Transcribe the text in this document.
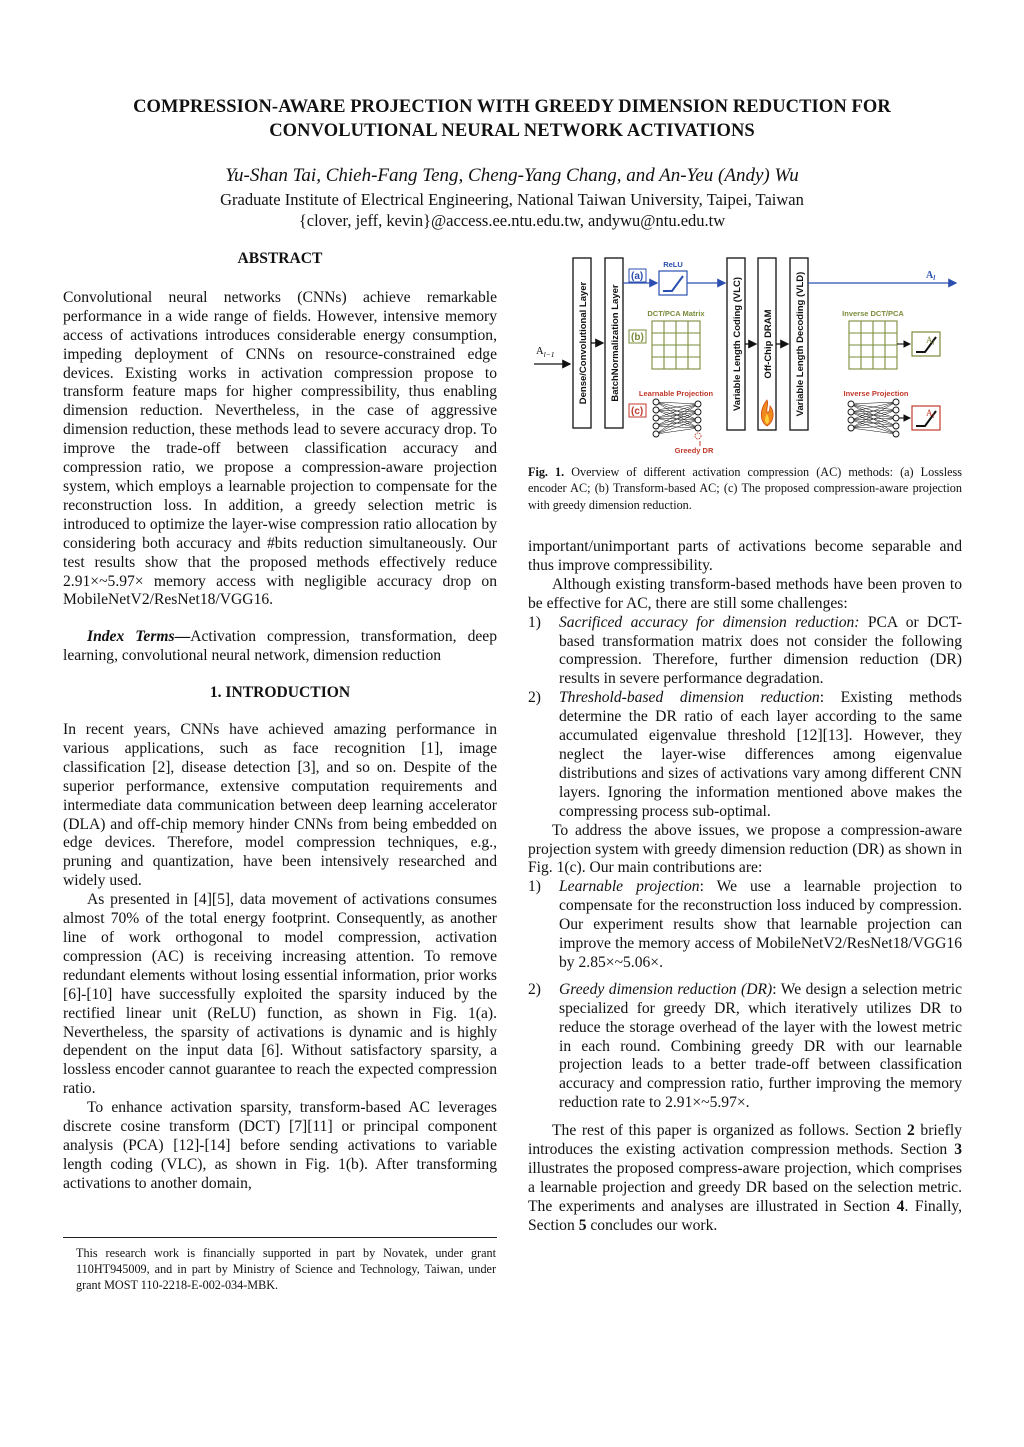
COMPRESSION-AWARE PROJECTION WITH GREEDY DIMENSION REDUCTION FOR
CONVOLUTIONAL NEURAL NETWORK ACTIVATIONS
Yu-Shan Tai, Chieh-Fang Teng, Cheng-Yang Chang, and An-Yeu (Andy) Wu
Graduate Institute of Electrical Engineering, National Taiwan University, Taipei, Taiwan
{clover, jeff, kevin}@access.ee.ntu.edu.tw, andywu@ntu.edu.tw
ABSTRACT

Convolutional neural networks (CNNs) achieve remarkable performance in a wide range of fields. However, intensive memory access of activations introduces considerable energy consumption, impeding deployment of CNNs on resource-constrained edge devices. Existing works in activation compression propose to transform feature maps for higher compressibility, thus enabling dimension reduction. Nevertheless, in the case of aggressive dimension reduction, these methods lead to severe accuracy drop. To improve the trade-off between classification accuracy and compression ratio, we propose a compression-aware projection system, which employs a learnable projection to compensate for the reconstruction loss. In addition, a greedy selection metric is introduced to optimize the layer-wise compression ratio allocation by considering both accuracy and #bits reduction simultaneously. Our test results show that the proposed methods effectively reduce 2.91×~5.97× memory access with negligible accuracy drop on MobileNetV2/ResNet18/VGG16.

Index Terms—Activation compression, transformation, deep learning, convolutional neural network, dimension reduction

1. INTRODUCTION

In recent years, CNNs have achieved amazing performance in various applications, such as face recognition [1], image classification [2], disease detection [3], and so on. Despite of the superior performance, extensive computation requirements and intermediate data communication between deep learning accelerator (DLA) and off-chip memory hinder CNNs from being embedded on edge devices. Therefore, model compression techniques, e.g., pruning and quantization, have been intensively researched and widely used.

As presented in [4][5], data movement of activations consumes almost 70% of the total energy footprint. Consequently, as another line of work orthogonal to model compression, activation compression (AC) is receiving increasing attention. To remove redundant elements without losing essential information, prior works [6]-[10] have successfully exploited the sparsity induced by the rectified linear unit (ReLU) function, as shown in Fig. 1(a). Nevertheless, the sparsity of activations is dynamic and is highly dependent on the input data [6]. Without satisfactory sparsity, a lossless encoder cannot guarantee to reach the expected compression ratio.

To enhance activation sparsity, transform-based AC leverages discrete cosine transform (DCT) [7][11] or principal component analysis (PCA) [12]-[14] before sending activations to variable length coding (VLC), as shown in Fig. 1(b). After transforming activations to another domain,

This research work is financially supported in part by Novatek, under grant 110HT945009, and in part by Ministry of Science and Technology, Taiwan, under grant MOST 110-2218-E-002-034-MBK.
$A_{l-1}$ Dense/Convolutional Layer BatchNormalization Layer	Variable Length Coding (VLC) Off-Chip DRAM Variable Length Decoding (VLD)
(a)
ReLU
$A_l$
DCT/PCA Matrix
(b)
Inverse DCT/PCA
$A_l$
Learnable Projection
(c)
Greedy DR
Inverse Projection
$A_l$
Fig. 1. Overview of different activation compression (AC) methods: (a) Lossless encoder AC; (b) Transform-based AC; (c) The proposed compression-aware projection with greedy dimension reduction.

important/unimportant parts of activations become separable and thus improve compressibility.

Although existing transform-based methods have been proven to be effective for AC, there are still some challenges:

1) Sacrificed accuracy for dimension reduction: PCA or DCT-based transformation matrix does not consider the following compression. Therefore, further dimension reduction (DR) results in severe performance degradation.
2) Threshold-based dimension reduction: Existing methods determine the DR ratio of each layer according to the same accumulated eigenvalue threshold [12][13]. However, they neglect the layer-wise differences among eigenvalue distributions and sizes of activations vary among different CNN layers. Ignoring the information mentioned above makes the compressing process sub-optimal.

To address the above issues, we propose a compression-aware projection system with greedy dimension reduction (DR) as shown in Fig. 1(c). Our main contributions are:

1) Learnable projection: We use a learnable projection to compensate for the reconstruction loss induced by compression. Our experiment results show that learnable projection can improve the memory access of MobileNetV2/ResNet18/VGG16 by 2.85×~5.06×.
2) Greedy dimension reduction (DR): We design a selection metric specialized for greedy DR, which iteratively utilizes DR to reduce the storage overhead of the layer with the lowest metric in each round. Combining greedy DR with our learnable projection leads to a better trade-off between classification accuracy and compression ratio, further improving the memory reduction rate to 2.91×~5.97×.

The rest of this paper is organized as follows. Section 2 briefly introduces the existing activation compression methods. Section 3 illustrates the proposed compress-aware projection, which comprises a learnable projection and greedy DR based on the selection metric. The experiments and analyses are illustrated in Section 4. Finally, Section 5 concludes our work.
